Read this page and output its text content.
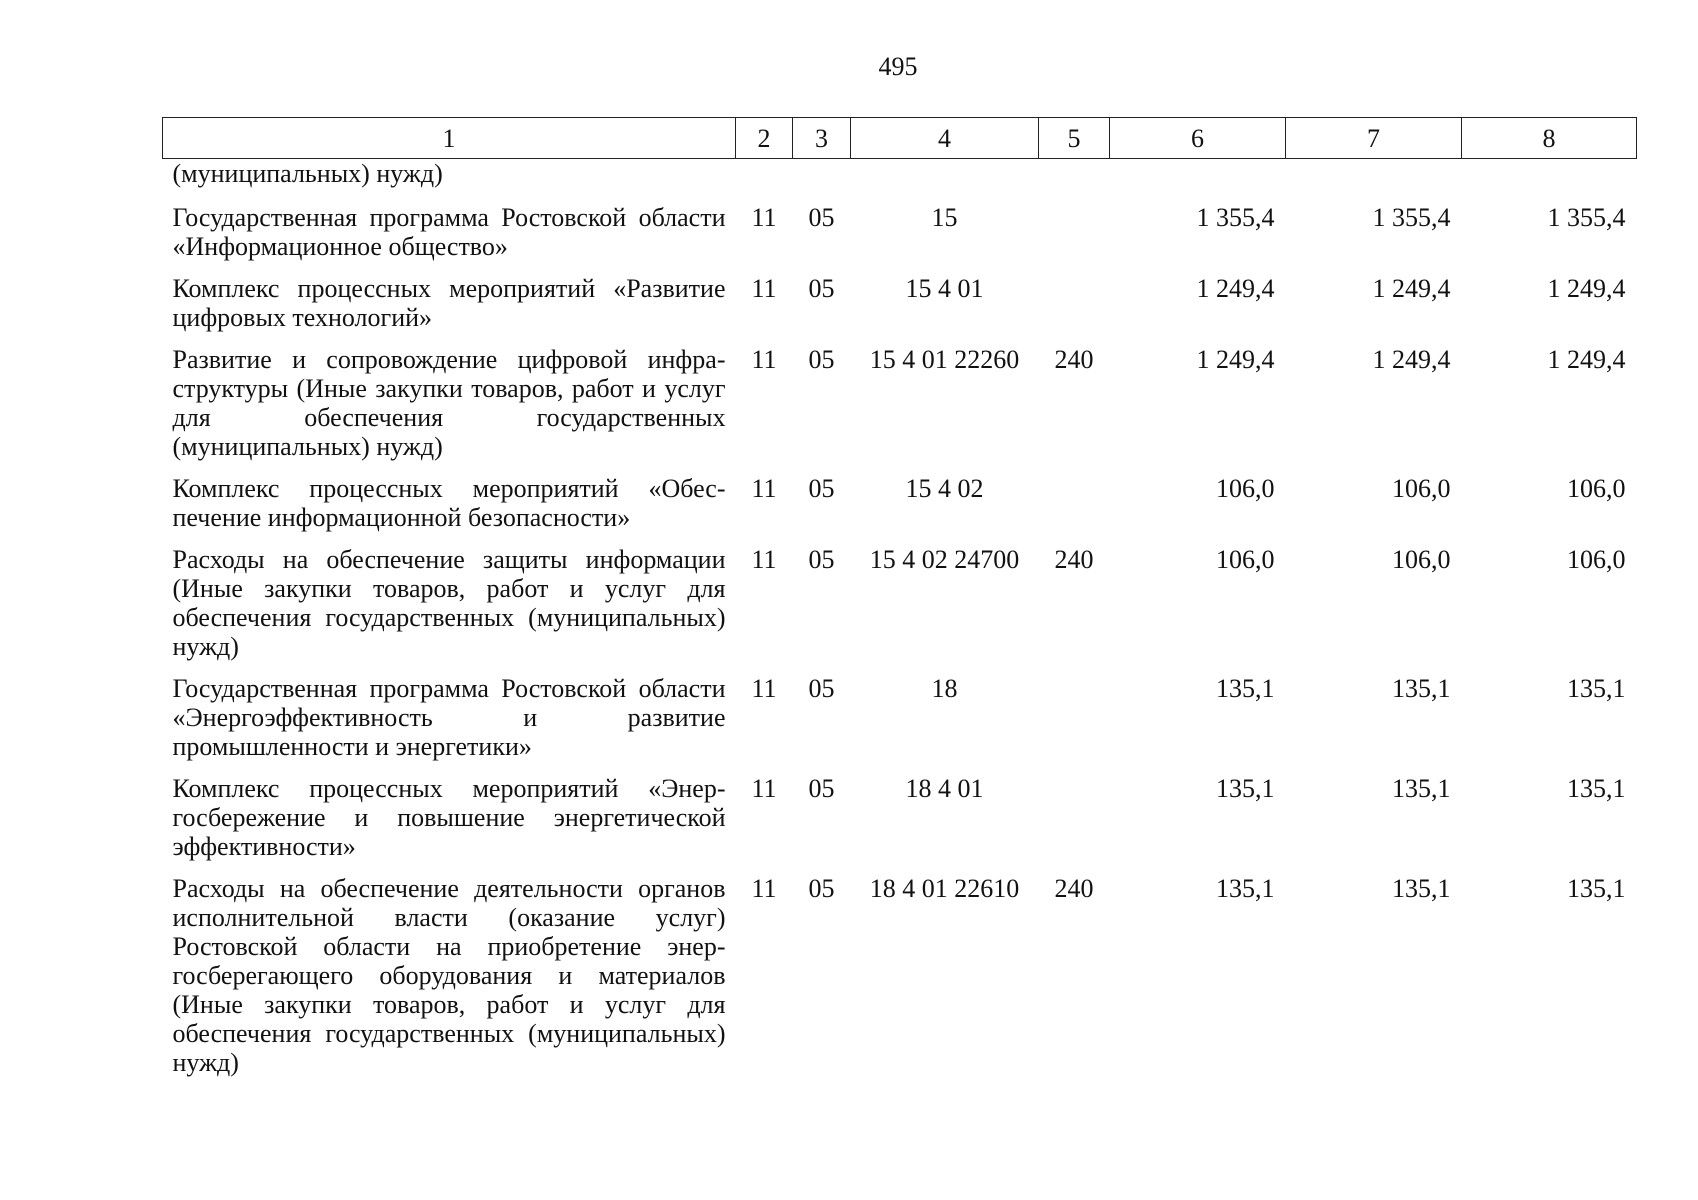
495
1	2	3	4	5	6	7	8
(муниципальных) нужд)							
Государственная программа Ростовской области «Информационное общество»	11	05	15		1 355,4	1 355,4	1 355,4
Комплекс процессных мероприятий «Развитие цифровых технологий»	11	05	15 4 01		1 249,4	1 249,4	1 249,4
Развитие и сопровождение цифровой инфраструктуры (Иные закупки товаров, работ и услуг для обеспечения государственных (муниципальных) нужд)	11	05	15 4 01 22260	240	1 249,4	1 249,4	1 249,4
Комплекс процессных мероприятий «Обеспечение информационной безопасности»	11	05	15 4 02		106,0	106,0	106,0
Расходы на обеспечение защиты информации (Иные закупки товаров, работ и услуг для обеспечения государственных (муниципальных) нужд)	11	05	15 4 02 24700	240	106,0	106,0	106,0
Государственная программа Ростовской области «Энергоэффективность и развитие промышленности и энергетики»	11	05	18		135,1	135,1	135,1
Комплекс процессных мероприятий «Энергосбережение и повышение энергетической эффективности»	11	05	18 4 01		135,1	135,1	135,1
Расходы на обеспечение деятельности органов исполнительной власти (оказание услуг) Ростовской области на приобретение энергосберегающего оборудования и материалов (Иные закупки товаров, работ и услуг для обеспечения государственных (муниципальных) нужд)	11	05	18 4 01 22610	240	135,1	135,1	135,1
